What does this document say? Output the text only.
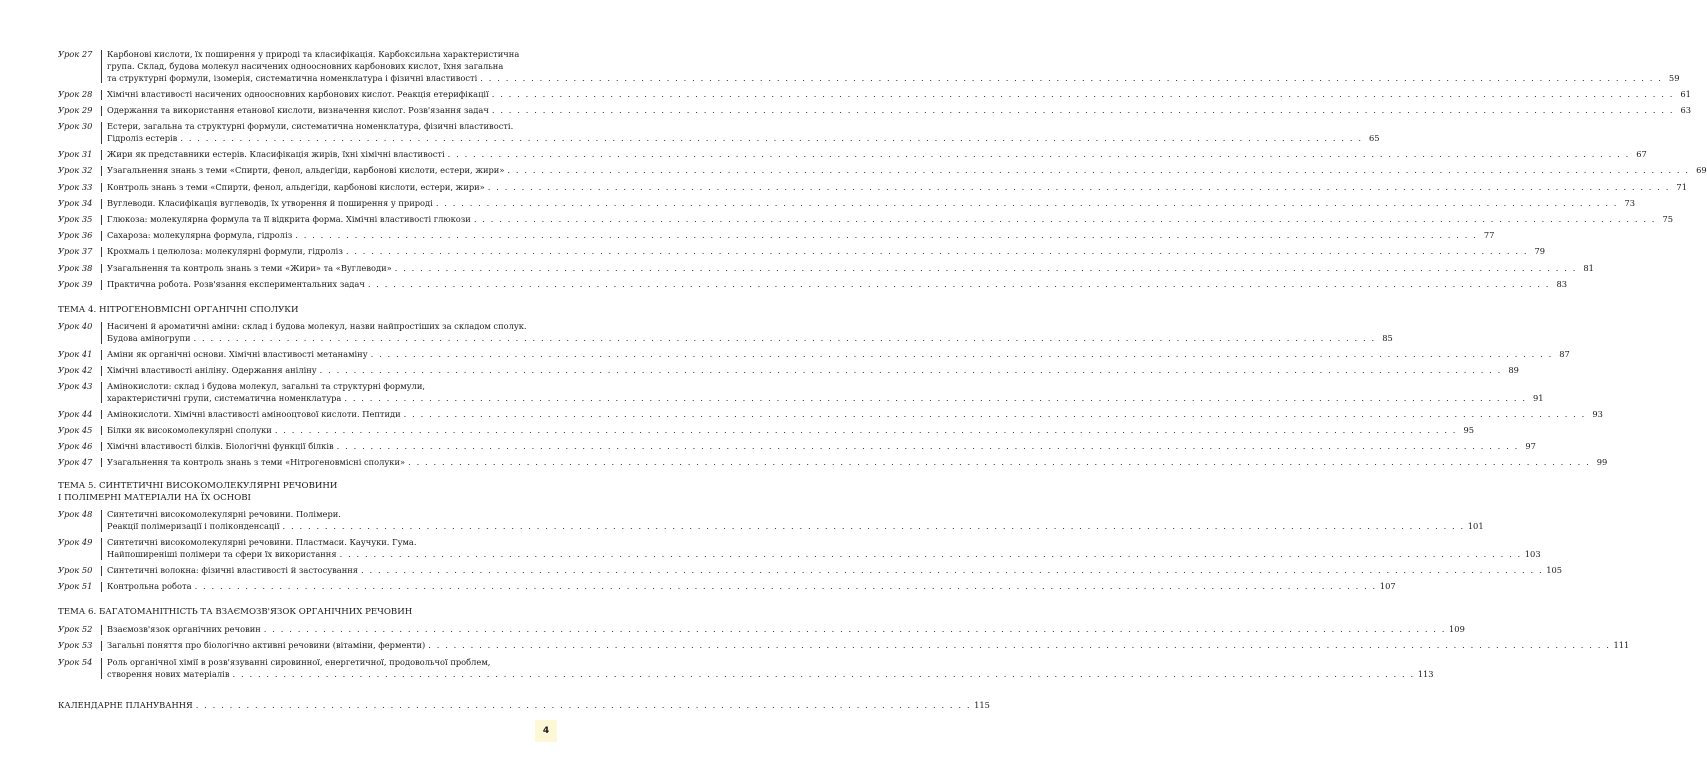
Урок 27	Карбонові кислоти, їх поширення у природі та класифікація. Карбоксильна характеристична
група. Склад, будова молекул насичених одноосновних карбонових кислот, їхня загальна
та структурні формули, ізомерія, систематична номенклатура і фізичні властивості . . . . . . . . . . . . . . . . . . . . . . . . . . . . . . . . . . . . . . . . . . . . . . . . . . . . . . . . . . . . . . . . . . . . . . . . . . . . . . . . . . . . . . . . . . . . . . . . . . . . . . . . . . . . . . . . . . . . . . . . . . . . . . . . . . . . . . . . . . . . 59
Урок 28	Хімічні властивості насичених одноосновних карбонових кислот. Реакція етерифікації . . . . . . . . . . . . . . . . . . . . . . . . . . . . . . . . . . . . . . . . . . . . . . . . . . . . . . . . . . . . . . . . . . . . . . . . . . . . . . . . . . . . . . . . . . . . . . . . . . . . . . . . . . . . . . . . . . . . . . . . . . . . . . . . . . . . . . . . . . . . 61
Урок 29	Одержання та використання етанової кислоти, визначення кислот. Розв'язання задач . . . . . . . . . . . . . . . . . . . . . . . . . . . . . . . . . . . . . . . . . . . . . . . . . . . . . . . . . . . . . . . . . . . . . . . . . . . . . . . . . . . . . . . . . . . . . . . . . . . . . . . . . . . . . . . . . . . . . . . . . . . . . . . . . . . . . . . . . . . . 63
Урок 30	Естери, загальна та структурні формули, систематична номенклатура, фізичні властивості.
Гідроліз естерів . . . . . . . . . . . . . . . . . . . . . . . . . . . . . . . . . . . . . . . . . . . . . . . . . . . . . . . . . . . . . . . . . . . . . . . . . . . . . . . . . . . . . . . . . . . . . . . . . . . . . . . . . . . . . . . . . . . . . . . . . . . . . . . . . . . . . . . . . . . . 65
Урок 31	Жири як представники естерів. Класифікація жирів, їхні хімічні властивості . . . . . . . . . . . . . . . . . . . . . . . . . . . . . . . . . . . . . . . . . . . . . . . . . . . . . . . . . . . . . . . . . . . . . . . . . . . . . . . . . . . . . . . . . . . . . . . . . . . . . . . . . . . . . . . . . . . . . . . . . . . . . . . . . . . . . . . . . . . . 67
Урок 32	Узагальнення знань з теми «Спирти, фенол, альдегіди, карбонові кислоти, естери, жири» . . . . . . . . . . . . . . . . . . . . . . . . . . . . . . . . . . . . . . . . . . . . . . . . . . . . . . . . . . . . . . . . . . . . . . . . . . . . . . . . . . . . . . . . . . . . . . . . . . . . . . . . . . . . . . . . . . . . . . . . . . . . . . . . . . . . . . . . . . . . 69
Урок 33	Контроль знань з теми «Спирти, фенол, альдегіди, карбонові кислоти, естери, жири» . . . . . . . . . . . . . . . . . . . . . . . . . . . . . . . . . . . . . . . . . . . . . . . . . . . . . . . . . . . . . . . . . . . . . . . . . . . . . . . . . . . . . . . . . . . . . . . . . . . . . . . . . . . . . . . . . . . . . . . . . . . . . . . . . . . . . . . . . . . . 71
Урок 34	Вуглеводи. Класифікація вуглеводів, їх утворення й поширення у природі . . . . . . . . . . . . . . . . . . . . . . . . . . . . . . . . . . . . . . . . . . . . . . . . . . . . . . . . . . . . . . . . . . . . . . . . . . . . . . . . . . . . . . . . . . . . . . . . . . . . . . . . . . . . . . . . . . . . . . . . . . . . . . . . . . . . . . . . . . . . 73
Урок 35	Глюкоза: молекулярна формула та її відкрита форма. Хімічні властивості глюкози . . . . . . . . . . . . . . . . . . . . . . . . . . . . . . . . . . . . . . . . . . . . . . . . . . . . . . . . . . . . . . . . . . . . . . . . . . . . . . . . . . . . . . . . . . . . . . . . . . . . . . . . . . . . . . . . . . . . . . . . . . . . . . . . . . . . . . . . . . . . 75
Урок 36	Сахароза: молекулярна формула, гідроліз . . . . . . . . . . . . . . . . . . . . . . . . . . . . . . . . . . . . . . . . . . . . . . . . . . . . . . . . . . . . . . . . . . . . . . . . . . . . . . . . . . . . . . . . . . . . . . . . . . . . . . . . . . . . . . . . . . . . . . . . . . . . . . . . . . . . . . . . . . . . 77
Урок 37	Крохмаль і целюлоза: молекулярні формули, гідроліз . . . . . . . . . . . . . . . . . . . . . . . . . . . . . . . . . . . . . . . . . . . . . . . . . . . . . . . . . . . . . . . . . . . . . . . . . . . . . . . . . . . . . . . . . . . . . . . . . . . . . . . . . . . . . . . . . . . . . . . . . . . . . . . . . . . . . . . . . . . . 79
Урок 38	Узагальнення та контроль знань з теми «Жири» та «Вуглеводи» . . . . . . . . . . . . . . . . . . . . . . . . . . . . . . . . . . . . . . . . . . . . . . . . . . . . . . . . . . . . . . . . . . . . . . . . . . . . . . . . . . . . . . . . . . . . . . . . . . . . . . . . . . . . . . . . . . . . . . . . . . . . . . . . . . . . . . . . . . . . 81
Урок 39	Практична робота. Розв'язання експериментальних задач . . . . . . . . . . . . . . . . . . . . . . . . . . . . . . . . . . . . . . . . . . . . . . . . . . . . . . . . . . . . . . . . . . . . . . . . . . . . . . . . . . . . . . . . . . . . . . . . . . . . . . . . . . . . . . . . . . . . . . . . . . . . . . . . . . . . . . . . . . . . 83
ТЕМА 4. НІТРОГЕНОВМІСНІ ОРГАНІЧНІ СПОЛУКИ
Урок 40	Насичені й ароматичні аміни: склад і будова молекул, назви найпростіших за складом сполук.
Будова аміногрупи . . . . . . . . . . . . . . . . . . . . . . . . . . . . . . . . . . . . . . . . . . . . . . . . . . . . . . . . . . . . . . . . . . . . . . . . . . . . . . . . . . . . . . . . . . . . . . . . . . . . . . . . . . . . . . . . . . . . . . . . . . . . . . . . . . . . . . . . . . . . 85
Урок 41	Аміни як органічні основи. Хімічні властивості метанаміну . . . . . . . . . . . . . . . . . . . . . . . . . . . . . . . . . . . . . . . . . . . . . . . . . . . . . . . . . . . . . . . . . . . . . . . . . . . . . . . . . . . . . . . . . . . . . . . . . . . . . . . . . . . . . . . . . . . . . . . . . . . . . . . . . . . . . . . . . . . . 87
Урок 42	Хімічні властивості аніліну. Одержання аніліну . . . . . . . . . . . . . . . . . . . . . . . . . . . . . . . . . . . . . . . . . . . . . . . . . . . . . . . . . . . . . . . . . . . . . . . . . . . . . . . . . . . . . . . . . . . . . . . . . . . . . . . . . . . . . . . . . . . . . . . . . . . . . . . . . . . . . . . . . . . . 89
Урок 43	Амінокислоти: склад і будова молекул, загальні та структурні формули,
характеристичні групи, систематична номенклатура . . . . . . . . . . . . . . . . . . . . . . . . . . . . . . . . . . . . . . . . . . . . . . . . . . . . . . . . . . . . . . . . . . . . . . . . . . . . . . . . . . . . . . . . . . . . . . . . . . . . . . . . . . . . . . . . . . . . . . . . . . . . . . . . . . . . . . . . . . . . 91
Урок 44	Амінокислоти. Хімічні властивості амінооцтової кислоти. Пептиди . . . . . . . . . . . . . . . . . . . . . . . . . . . . . . . . . . . . . . . . . . . . . . . . . . . . . . . . . . . . . . . . . . . . . . . . . . . . . . . . . . . . . . . . . . . . . . . . . . . . . . . . . . . . . . . . . . . . . . . . . . . . . . . . . . . . . . . . . . . . 93
Урок 45	Білки як високомолекулярні сполуки . . . . . . . . . . . . . . . . . . . . . . . . . . . . . . . . . . . . . . . . . . . . . . . . . . . . . . . . . . . . . . . . . . . . . . . . . . . . . . . . . . . . . . . . . . . . . . . . . . . . . . . . . . . . . . . . . . . . . . . . . . . . . . . . . . . . . . . . . . . . 95
Урок 46	Хімічні властивості білків. Біологічні функції білків . . . . . . . . . . . . . . . . . . . . . . . . . . . . . . . . . . . . . . . . . . . . . . . . . . . . . . . . . . . . . . . . . . . . . . . . . . . . . . . . . . . . . . . . . . . . . . . . . . . . . . . . . . . . . . . . . . . . . . . . . . . . . . . . . . . . . . . . . . . . 97
Урок 47	Узагальнення та контроль знань з теми «Нітрогеновмісні сполуки» . . . . . . . . . . . . . . . . . . . . . . . . . . . . . . . . . . . . . . . . . . . . . . . . . . . . . . . . . . . . . . . . . . . . . . . . . . . . . . . . . . . . . . . . . . . . . . . . . . . . . . . . . . . . . . . . . . . . . . . . . . . . . . . . . . . . . . . . . . . . 99
ТЕМА 5. СИНТЕТИЧНІ ВИСОКОМОЛЕКУЛЯРНІ РЕЧОВИНИ
І ПОЛІМЕРНІ МАТЕРІАЛИ НА ЇХ ОСНОВІ
Урок 48	Синтетичні високомолекулярні речовини. Полімери.
Реакції полімеризації і поліконденсації . . . . . . . . . . . . . . . . . . . . . . . . . . . . . . . . . . . . . . . . . . . . . . . . . . . . . . . . . . . . . . . . . . . . . . . . . . . . . . . . . . . . . . . . . . . . . . . . . . . . . . . . . . . . . . . . . . . . . . . . . . . . . . . . . . . . . . . . . . . . 101
Урок 49	Синтетичні високомолекулярні речовини. Пластмаси. Каучуки. Гума.
Найпоширеніші полімери та сфери їх використання . . . . . . . . . . . . . . . . . . . . . . . . . . . . . . . . . . . . . . . . . . . . . . . . . . . . . . . . . . . . . . . . . . . . . . . . . . . . . . . . . . . . . . . . . . . . . . . . . . . . . . . . . . . . . . . . . . . . . . . . . . . . . . . . . . . . . . . . . . . . 103
Урок 50	Синтетичні волокна: фізичні властивості й застосування . . . . . . . . . . . . . . . . . . . . . . . . . . . . . . . . . . . . . . . . . . . . . . . . . . . . . . . . . . . . . . . . . . . . . . . . . . . . . . . . . . . . . . . . . . . . . . . . . . . . . . . . . . . . . . . . . . . . . . . . . . . . . . . . . . . . . . . . . . . . 105
Урок 51	Контрольна робота . . . . . . . . . . . . . . . . . . . . . . . . . . . . . . . . . . . . . . . . . . . . . . . . . . . . . . . . . . . . . . . . . . . . . . . . . . . . . . . . . . . . . . . . . . . . . . . . . . . . . . . . . . . . . . . . . . . . . . . . . . . . . . . . . . . . . . . . . . . . 107
ТЕМА 6. БАГАТОМАНІТНІСТЬ ТА ВЗАЄМОЗВ'ЯЗОК ОРГАНІЧНИХ РЕЧОВИН
Урок 52	Взаємозв'язок органічних речовин . . . . . . . . . . . . . . . . . . . . . . . . . . . . . . . . . . . . . . . . . . . . . . . . . . . . . . . . . . . . . . . . . . . . . . . . . . . . . . . . . . . . . . . . . . . . . . . . . . . . . . . . . . . . . . . . . . . . . . . . . . . . . . . . . . . . . . . . . . . . 109
Урок 53	Загальні поняття про біологічно активні речовини (вітаміни, ферменти) . . . . . . . . . . . . . . . . . . . . . . . . . . . . . . . . . . . . . . . . . . . . . . . . . . . . . . . . . . . . . . . . . . . . . . . . . . . . . . . . . . . . . . . . . . . . . . . . . . . . . . . . . . . . . . . . . . . . . . . . . . . . . . . . . . . . . . . . . . . . 111
Урок 54	Роль органічної хімії в розв'язуванні сировинної, енергетичної, продовольчої проблем,
створення нових матеріалів . . . . . . . . . . . . . . . . . . . . . . . . . . . . . . . . . . . . . . . . . . . . . . . . . . . . . . . . . . . . . . . . . . . . . . . . . . . . . . . . . . . . . . . . . . . . . . . . . . . . . . . . . . . . . . . . . . . . . . . . . . . . . . . . . . . . . . . . . . . . 113
КАЛЕНДАРНЕ ПЛАНУВАННЯ . . . . . . . . . . . . . . . . . . . . . . . . . . . . . . . . . . . . . . . . . . . . . . . . . . . . . . . . . . . . . . . . . . . . . . . . . . . . . . . . . . . . . . . . . . . . 115
4
